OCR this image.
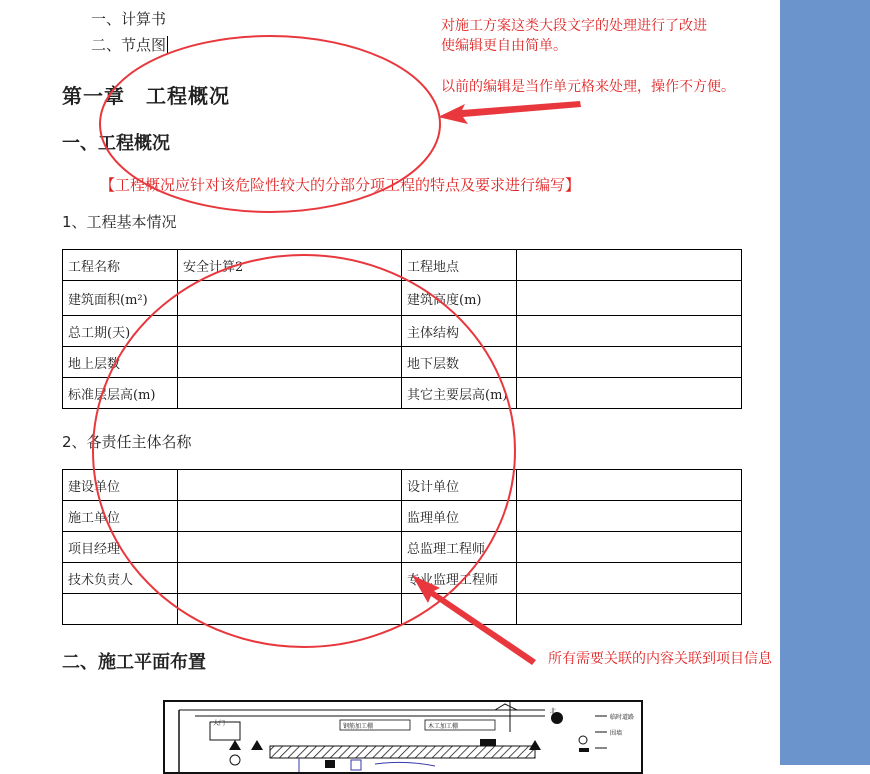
一、计算书
二、节点图
第一章　工程概况
一、工程概况
【工程概况应针对该危险性较大的分部分项工程的特点及要求进行编写】
1、工程基本情况
工程名称	安全计算2	工程地点	
建筑面积(m²)		建筑高度(m)	
总工期(天)		主体结构	
地上层数		地下层数	
标准层层高(m)		其它主要层高(m)	
2、各责任主体名称
建设单位		设计单位	
施工单位		监理单位	
项目经理		总监理工程师	
技术负责人		专业监理工程师	

二、施工平面布置
北
大门	钢筋加工棚	木工加工棚
临时道路
围墙
对施工方案这类大段文字的处理进行了改进
使编辑更自由简单。
以前的编辑是当作单元格来处理，操作不方便。
所有需要关联的内容关联到项目信息
